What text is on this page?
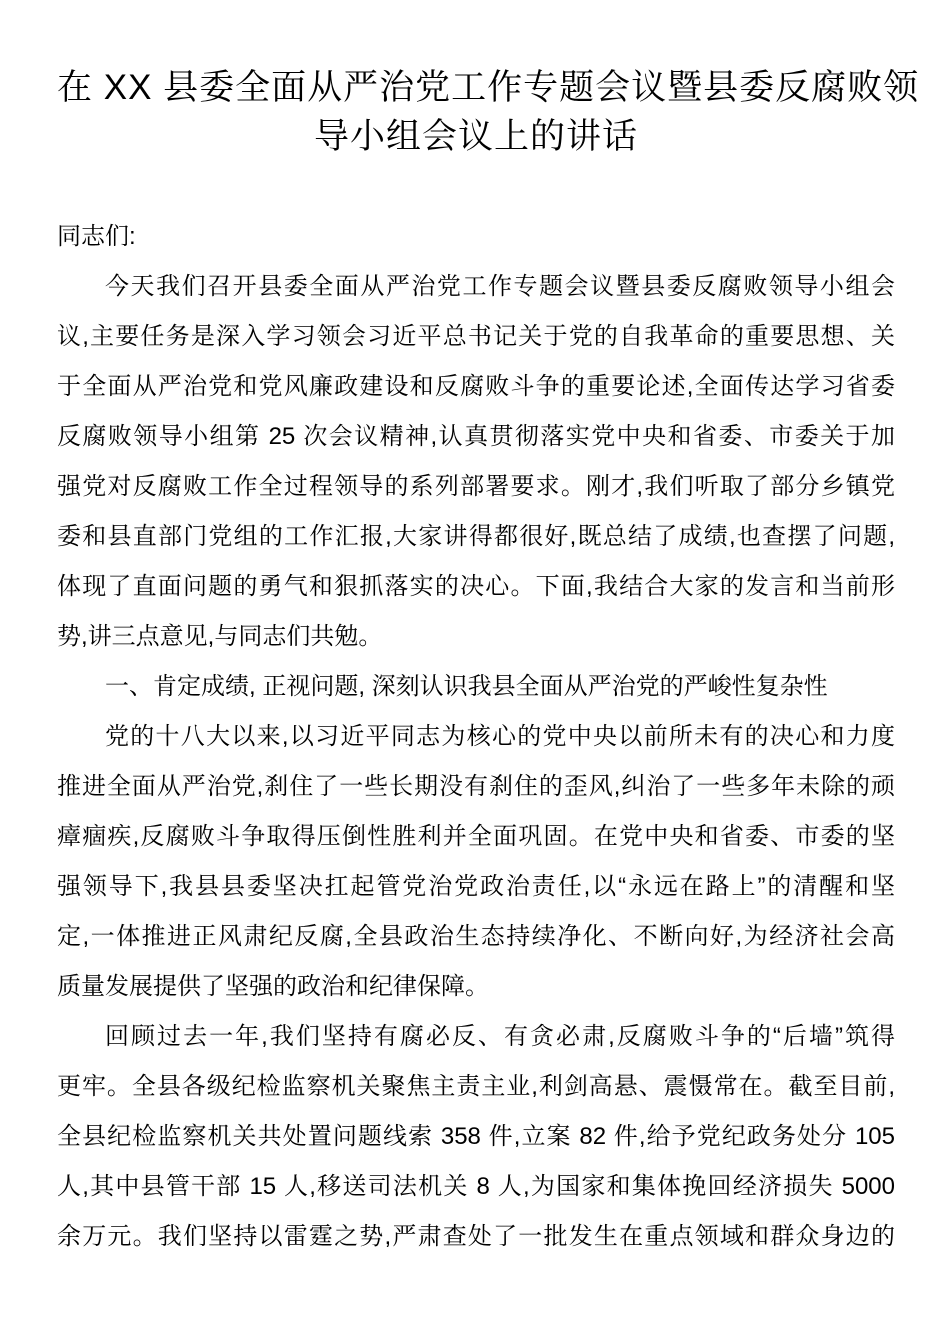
在 XX 县委全面从严治党工作专题会议暨县委反腐败领
导小组会议上的讲话

同志们:

今天我们召开县委全面从严治党工作专题会议暨县委反腐败领导小组会

议,主要任务是深入学习领会习近平总书记关于党的自我革命的重要思想、关

于全面从严治党和党风廉政建设和反腐败斗争的重要论述,全面传达学习省委

反腐败领导小组第 25 次会议精神,认真贯彻落实党中央和省委、市委关于加

强党对反腐败工作全过程领导的系列部署要求。刚才,我们听取了部分乡镇党

委和县直部门党组的工作汇报,大家讲得都很好,既总结了成绩,也查摆了问题,

体现了直面问题的勇气和狠抓落实的决心。下面,我结合大家的发言和当前形

势,讲三点意见,与同志们共勉。

一、肯定成绩, 正视问题, 深刻认识我县全面从严治党的严峻性复杂性

党的十八大以来,以习近平同志为核心的党中央以前所未有的决心和力度

推进全面从严治党,刹住了一些长期没有刹住的歪风,纠治了一些多年未除的顽

瘴痼疾,反腐败斗争取得压倒性胜利并全面巩固。在党中央和省委、市委的坚

强领导下,我县县委坚决扛起管党治党政治责任,以“永远在路上”的清醒和坚

定,一体推进正风肃纪反腐,全县政治生态持续净化、不断向好,为经济社会高

质量发展提供了坚强的政治和纪律保障。

回顾过去一年,我们坚持有腐必反、有贪必肃,反腐败斗争的“后墙”筑得

更牢。全县各级纪检监察机关聚焦主责主业,利剑高悬、震慑常在。截至目前,

全县纪检监察机关共处置问题线索 358 件,立案 82 件,给予党纪政务处分 105

人,其中县管干部 15 人,移送司法机关 8 人,为国家和集体挽回经济损失 5000

余万元。我们坚持以雷霆之势,严肃查处了一批发生在重点领域和群众身边的
